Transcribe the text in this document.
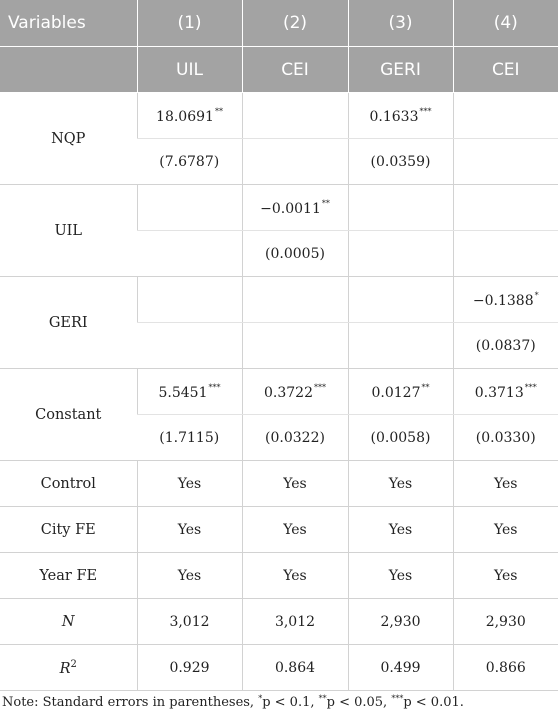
Variables	(1)	(2)	(3)	(4)
	UIL	CEI	GERI	CEI
NQP	18.0691**		0.1633***	
	(7.6787)		(0.0359)	
UIL		−0.0011**		
		(0.0005)		
GERI				−0.1388*
				(0.0837)
Constant	5.5451***	0.3722***	0.0127**	0.3713***
	(1.7115)	(0.0322)	(0.0058)	(0.0330)
Control	Yes	Yes	Yes	Yes
City FE	Yes	Yes	Yes	Yes
Year FE	Yes	Yes	Yes	Yes
N	3,012	3,012	2,930	2,930
$R^2$	0.929	0.864	0.499	0.866
Note: Standard errors in parentheses, *p < 0.1, **p < 0.05, ***p < 0.01.
